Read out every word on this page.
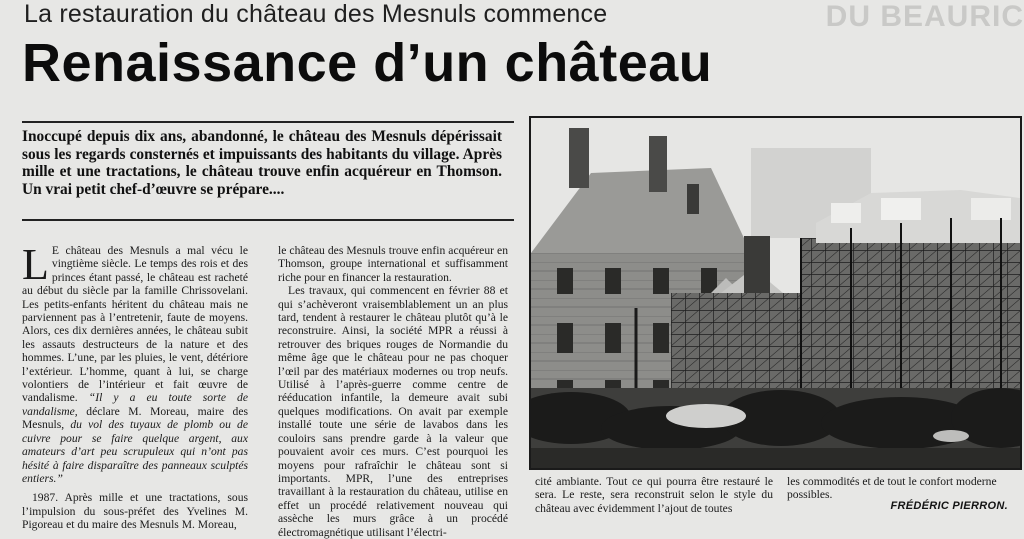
DU BEAURIC
La restauration du château des Mesnuls commence
Renaissance d’un château
Inoccupé depuis dix ans, abandonné, le château des Mesnuls dépérissait sous les regards consternés et impuissants des habitants du village. Après mille et une tractations, le château trouve enfin acquéreur en Thomson. Un vrai petit chef-d’œuvre se prépare....

L E château des Mesnuls a mal vécu le vingtième siècle. Le temps des rois et des princes étant passé, le château est racheté au début du siècle par la famille Chrissovelani. Les petits-enfants héritent du château mais ne parviennent pas à l’entretenir, faute de moyens. Alors, ces dix dernières années, le château subit les assauts destructeurs de la nature et des hommes. L’une, par les pluies, le vent, détériore l’extérieur. L’homme, quant à lui, se charge volontiers de l’intérieur et fait œuvre de vandalisme. “Il y a eu toute sorte de vandalisme, déclare M. Moreau, maire des Mesnuls, du vol des tuyaux de plomb ou de cuivre pour se faire quelque argent, aux amateurs d’art peu scrupuleux qui n’ont pas hésité à faire disparaître des panneaux sculptés entiers.”

1987. Après mille et une tractations, sous l’impulsion du sous-préfet des Yvelines M. Pigoreau et du maire des Mesnuls M. Moreau,

le château des Mesnuls trouve enfin acquéreur en Thomson, groupe international et suffisamment riche pour en financer la restauration.

Les travaux, qui commencent en février 88 et qui s’achèveront vraisemblablement un an plus tard, tendent à restaurer le château plutôt qu’à le reconstruire. Ainsi, la société MPR a réussi à retrouver des briques rouges de Normandie du même âge que le château pour ne pas choquer l’œil par des matériaux modernes ou trop neufs. Utilisé à l’après-guerre comme centre de rééducation infantile, la demeure avait subi quelques modifications. On avait par exemple installé toute une série de lavabos dans les couloirs sans prendre garde à la valeur que pouvaient avoir ces murs. C’est pourquoi les moyens pour rafraîchir le château sont si importants. MPR, l’une des entreprises travaillant à la restauration du château, utilise en effet un procédé relativement nouveau qui assèche les murs grâce à un procédé électromagnétique utilisant l’électri-

cité ambiante. Tout ce qui pourra être restauré le sera. Le reste, sera reconstruit selon le style du château avec évidemment l’ajout de toutes

les commodités et de tout le confort moderne possibles.

FRÉDÉRIC PIERRON.
